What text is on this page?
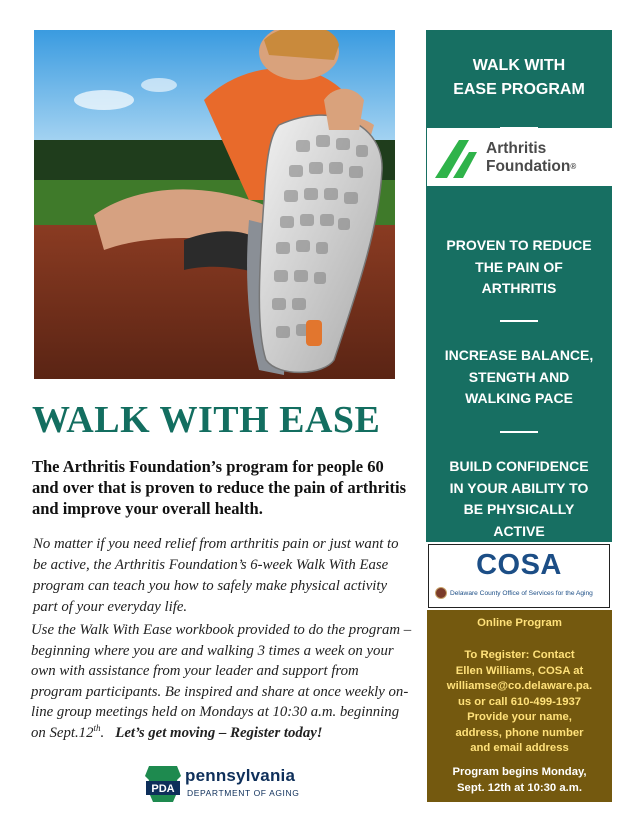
WALK WITH EASE
The Arthritis Foundation’s program for people 60 and over that is proven to reduce the pain of arthritis and improve your overall health.
No matter if you need relief from arthritis pain or just want to be active, the Arthritis Foundation’s 6-week Walk With Ease program can teach you how to safely make physical activity part of your everyday life.
Use the Walk With Ease workbook provided to do the program – beginning where you are and walking 3 times a week on your own with assistance from your leader and support from program participants. Be inspired and share at once weekly on-line group meetings held on Mondays at 10:30 a.m. beginning on Sept.12th.   Let’s get moving – Register today!
PDA
pennsylvania
DEPARTMENT OF AGING
WALK WITH
EASE PROGRAM
PROVEN TO REDUCE
THE PAIN OF
ARTHRITIS
INCREASE BALANCE,
STENGTH AND
WALKING PACE
BUILD CONFIDENCE
IN YOUR ABILITY TO
BE PHYSICALLY
ACTIVE
Arthritis
Foundation®
COSA
Delaware County Office of Services for the Aging
Online Program
To Register: Contact
Ellen Williams, COSA at
williamse@co.delaware.pa.
us or call 610-499-1937
Provide your name,
address, phone number
and email address
Program begins Monday,
Sept. 12th at 10:30 a.m.
